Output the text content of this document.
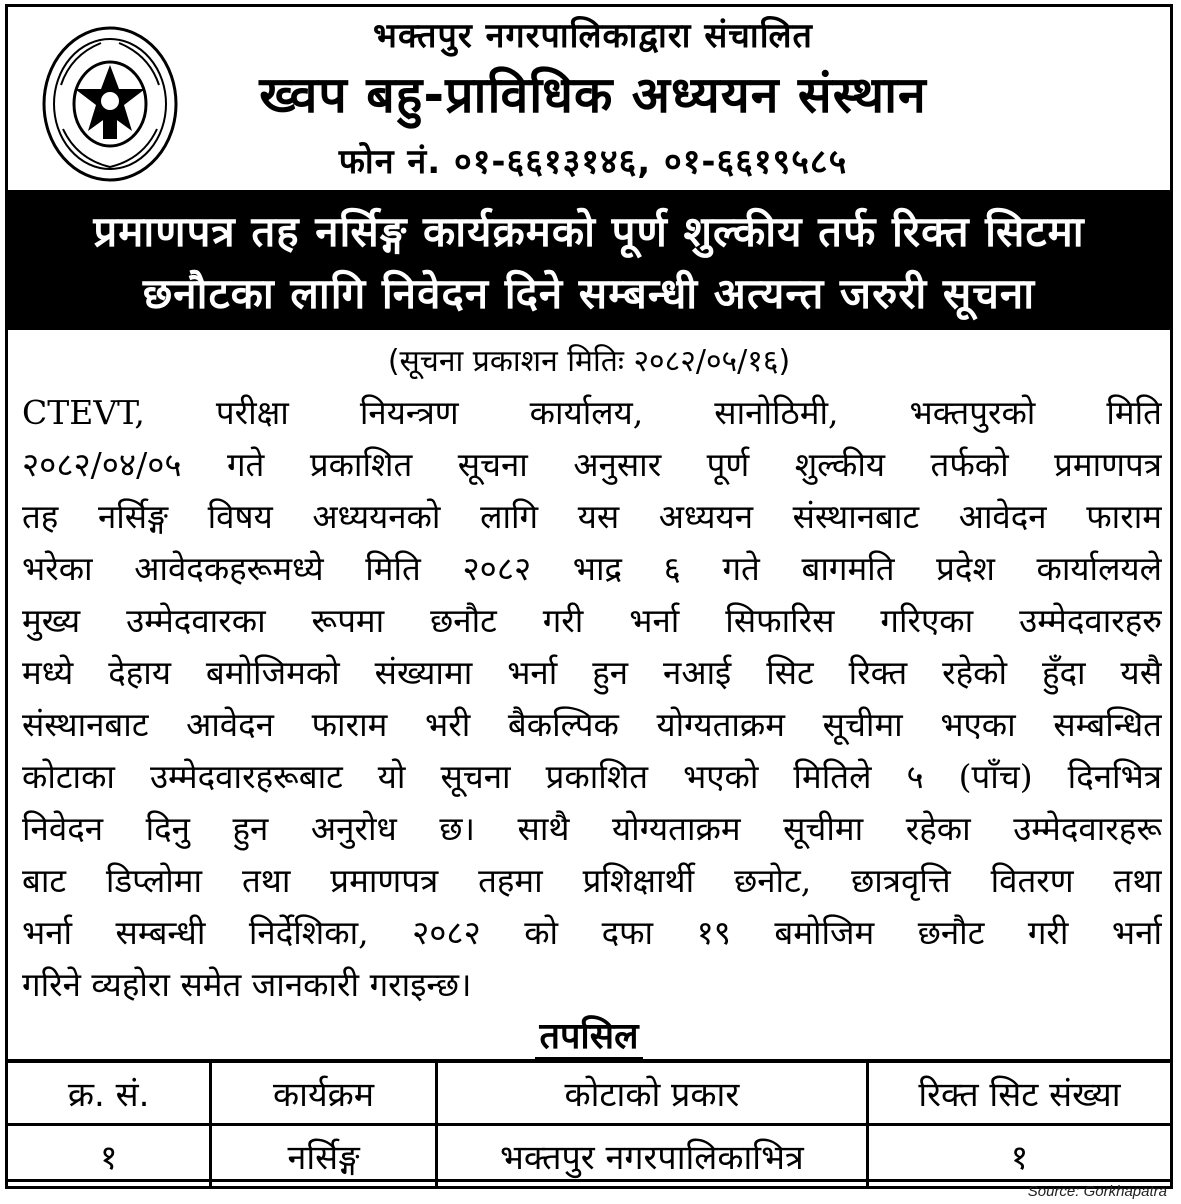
भक्तपुर नगरपालिकाद्वारा संचालित
ख्वप बहु-प्राविधिक अध्ययन संस्थान
फोन नं. ०१-६६१३१४६, ०१-६६१९५८५
प्रमाणपत्र तह नर्सिङ्ग कार्यक्रमको पूर्ण शुल्कीय तर्फ रिक्त सिटमा
छनौटका लागि निवेदन दिने सम्बन्धी अत्यन्त जरुरी सूचना
(सूचना प्रकाशन मितिः २०८२/०५/१६)
CTEVT, परीक्षा नियन्त्रण कार्यालय, सानोठिमी, भक्तपुरको मिति
२०८२/०४/०५ गते प्रकाशित सूचना अनुसार पूर्ण शुल्कीय तर्फको प्रमाणपत्र
तह नर्सिङ्ग विषय अध्ययनको लागि यस अध्ययन संस्थानबाट आवेदन फाराम
भरेका आवेदकहरूमध्ये मिति २०८२ भाद्र ६ गते बागमति प्रदेश कार्यालयले
मुख्य उम्मेदवारका रूपमा छनौट गरी भर्ना सिफारिस गरिएका उम्मेदवारहरु
मध्ये देहाय बमोजिमको संख्यामा भर्ना हुन नआई सिट रिक्त रहेको हुँदा यसै
संस्थानबाट आवेदन फाराम भरी बैकल्पिक योग्यताक्रम सूचीमा भएका सम्बन्धित
कोटाका उम्मेदवारहरूबाट यो सूचना प्रकाशित भएको मितिले ५ (पाँच) दिनभित्र
निवेदन दिनु हुन अनुरोध छ। साथै योग्यताक्रम सूचीमा रहेका उम्मेदवारहरू
बाट डिप्लोमा तथा प्रमाणपत्र तहमा प्रशिक्षार्थी छनोट, छात्रवृत्ति वितरण तथा
भर्ना सम्बन्धी निर्देशिका, २०८२ को दफा १९ बमोजिम छनौट गरी भर्ना
गरिने व्यहोरा समेत जानकारी गराइन्छ।
तपसिल
क्र. सं.	कार्यक्रम	कोटाको प्रकार	रिक्त सिट संख्या
१	नर्सिङ्ग	भक्तपुर नगरपालिकाभित्र	१
Source: Gorkhapatra
